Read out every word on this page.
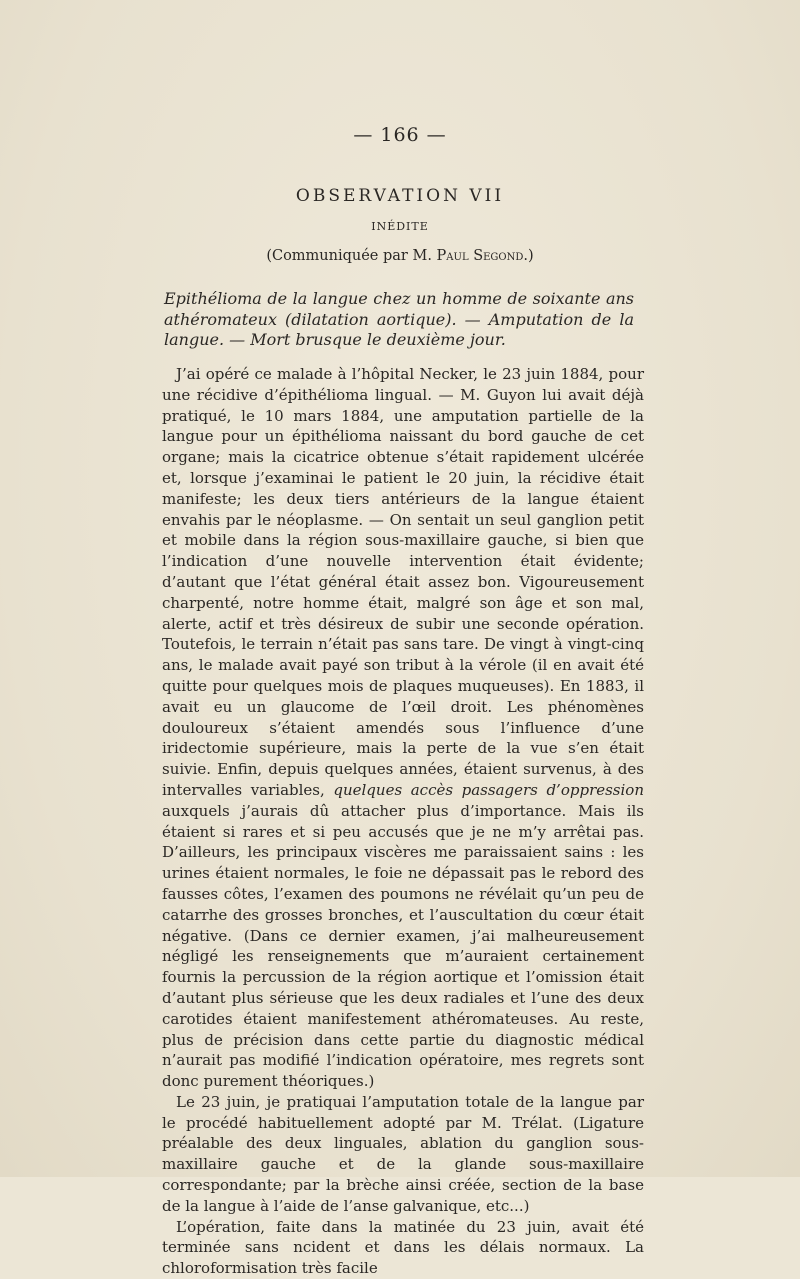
— 166 —
OBSERVATION VII
INÉDITE
(Communiquée par M. Paul Segond.)
Epithélioma de la langue chez un homme de soixante ans athéromateux (dilatation aortique). — Amputation de la langue. — Mort brusque le deuxième jour.

J’ai opéré ce malade à l’hôpital Necker, le 23 juin 1884, pour une récidive d’épithélioma lingual. — M. Guyon lui avait déjà pratiqué, le 10 mars 1884, une amputation partielle de la langue pour un épithélioma naissant du bord gauche de cet organe; mais la cicatrice obtenue s’était rapidement ulcérée et, lorsque j’examinai le patient le 20 juin, la récidive était manifeste; les deux tiers antérieurs de la langue étaient envahis par le néoplasme. — On sentait un seul ganglion petit et mobile dans la région sous-maxillaire gauche, si bien que l’indication d’une nouvelle intervention était évidente; d’autant que l’état général était assez bon. Vigoureusement charpenté, notre homme était, malgré son âge et son mal, alerte, actif et très désireux de subir une seconde opération. Toutefois, le terrain n’était pas sans tare. De vingt à vingt-cinq ans, le malade avait payé son tribut à la vérole (il en avait été quitte pour quelques mois de plaques muqueuses). En 1883, il avait eu un glaucome de l’œil droit. Les phénomènes douloureux s’étaient amendés sous l’influence d’une iridectomie supérieure, mais la perte de la vue s’en était suivie. Enfin, depuis quelques années, étaient survenus, à des intervalles variables, quelques accès passagers d’oppression auxquels j’aurais dû attacher plus d’importance. Mais ils étaient si rares et si peu accusés que je ne m’y arrêtai pas. D’ailleurs, les principaux viscères me paraissaient sains : les urines étaient normales, le foie ne dépassait pas le rebord des fausses côtes, l’examen des poumons ne révélait qu’un peu de catarrhe des grosses bronches, et l’auscultation du cœur était négative. (Dans ce dernier examen, j’ai malheureusement négligé les renseignements que m’auraient certainement fournis la percussion de la région aortique et l’omission était d’autant plus sérieuse que les deux radiales et l’une des deux carotides étaient manifestement athéromateuses. Au reste, plus de précision dans cette partie du diagnostic médical n’aurait pas modifié l’indication opératoire, mes regrets sont donc purement théoriques.)

Le 23 juin, je pratiquai l’amputation totale de la langue par le procédé habituellement adopté par M. Trélat. (Ligature préalable des deux linguales, ablation du ganglion sous-maxillaire gauche et de la glande sous-maxillaire correspondante; par la brèche ainsi créée, section de la base de la langue à l’aide de l’anse galvanique, etc...)

L’opération, faite dans la matinée du 23 juin, avait été terminée sans ncident et dans les délais normaux. La chloroformisation très facile
